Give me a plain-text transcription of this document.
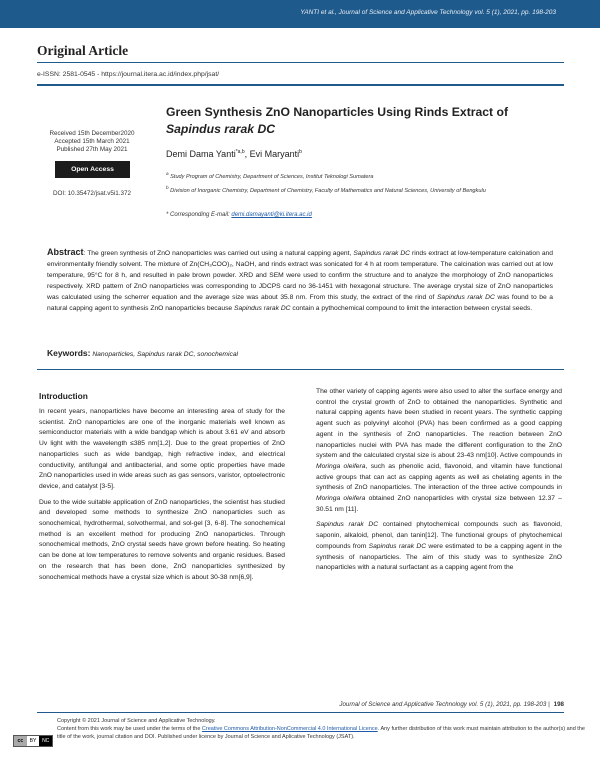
YANTI et al., Journal of Science and Applicative Technology vol. 5 (1), 2021, pp. 198-203
Original Article
e-ISSN: 2581-0545 - https://journal.itera.ac.id/index.php/jsat/
Received 15th December2020
Accepted 15th March 2021
Published 27th May 2021
Open Access
DOI: 10.35472/jsat.v5i1.372
Green Synthesis ZnO Nanoparticles Using Rinds Extract of
Sapindus rarak DC
Demi Dama Yanti$^{*a,b}$, Evi Maryanti$^b$
$^a$ Study Program of Chemistry, Department of Sciences, Institut Teknologi Sumatera
$^b$ Division of Inorganic Chemistry, Department of Chemistry, Faculty of Mathematics and Natural Sciences, University of Bengkulu
* Corresponding E-mail: demi.damayanti@ki.itera.ac.id
Abstract: The green synthesis of ZnO nanoparticles was carried out using a natural capping agent, Sapindus rarak DC rinds extract at low-temperature calcination and environmentally friendly solvent. The mixture of Zn(CH₃COO)₂, NaOH, and rinds extract was sonicated for 4 h at room temperature. The calcination was carried out at low temperature, 95°C for 8 h, and resulted in pale brown powder. XRD and SEM were used to confirm the structure and to analyze the morphology of ZnO nanoparticles respectively. XRD pattern of ZnO nanoparticles was corresponding to JDCPS card no 36-1451 with hexagonal structure. The average crystal size of ZnO nanoparticles was calculated using the scherrer equation and the average size was about 35.8 nm. From this study, the extract of the rind of Sapindus rarak DC was found to be a natural capping agent to synthesis ZnO nanoparticles because Sapindus rarak DC contain a pythochemical compound to limit the interaction between crystal seeds.
Keywords: Nanoparticles, Sapindus rarak DC, sonochemical
Introduction

In recent years, nanoparticles have become an interesting area of study for the scientist. ZnO nanoparticles are one of the inorganic materials well known as semiconductor materials with a wide bandgap which is about 3.61 eV and absorb Uv light with the wavelength ≤385 nm[1,2]. Due to the great properties of ZnO nanoparticles such as wide bandgap, high refractive index, and electrical conductivity, antifungal and antibacterial, and some optic properties have made ZnO nanoparticles used in wide areas such as gas sensors, varistor, optoelectronic device, and catalyst [3-5].

Due to the wide suitable application of ZnO nanoparticles, the scientist has studied and developed some methods to synthesize ZnO nanoparticles such as sonochemical, hydrothermal, solvothermal, and sol-gel [3, 6-8]. The sonochemical method is an excellent method for producing ZnO nanoparticles. Through sonochemical methods, ZnO crystal seeds have grown before heating. So heating can be done at low temperatures to remove solvents and organic residues. Based on the research that has been done, ZnO nanoparticles synthesized by sonochemical methods have a crystal size which is about 30-38 nm[6,9].

The other variety of capping agents were also used to alter the surface energy and control the crystal growth of ZnO to obtained the nanoparticles. Synthetic and natural capping agents have been studied in recent years. The synthetic capping agent such as polyvinyl alcohol (PVA) has been confirmed as a good capping agent in the synthesis of ZnO nanoparticles. The reaction between ZnO nanoparticles nuclei with PVA has made the different configuration to the ZnO system and the calculated crystal size is about 23-43 nm[10]. Active compounds in Moringa oleifera, such as phenolic acid, flavonoid, and vitamin have functional active groups that can act as capping agents as well as chelating agents in the synthesis of ZnO nanoparticles. The interaction of the three active compounds in Moringa oleifera obtained ZnO nanoparticles with crystal size between 12.37 – 30.51 nm [11].

Sapindus rarak DC contained phytochemical compounds such as flavonoid, saponin, alkaloid, phenol, dan tanin[12]. The functional groups of phytochemical compounds from Sapindus rarak DC were estimated to be a capping agent in the synthesis of nanoparticles. The aim of this study was to synthesize ZnO nanoparticles with a natural surfactant as a capping agent from the

Journal of Science and Applicative Technology vol. 5 (1), 2021, pp. 198-203 | 198
cc	BY	NC
Copyright © 2021 Journal of Science and Applicative Technology.
Content from this work may be used under the terms of the Creative Commons Attribution-NonCommercial 4.0 International Licence. Any further distribution of this work must maintain attribution to the author(s) and the title of the work, journal citation and DOI. Published under licence by Journal of Science and Aplicative Technology (JSAT).
